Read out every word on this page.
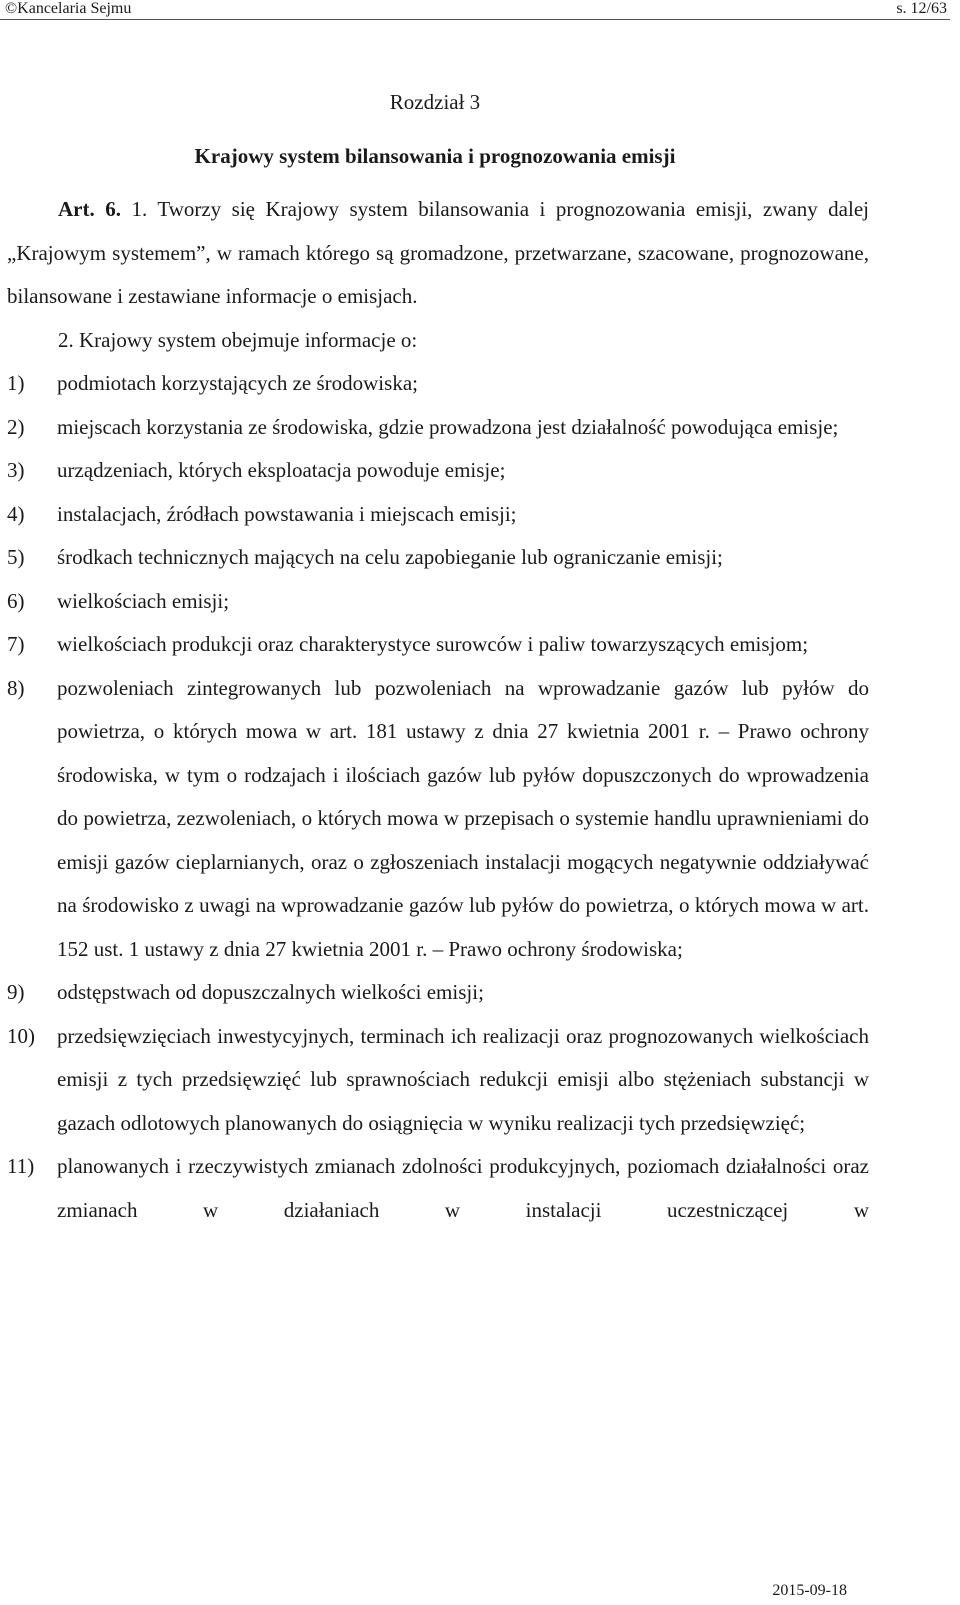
©Kancelaria Sejmu	s. 12/63
Rozdział 3
Krajowy system bilansowania i prognozowania emisji

Art. 6. 1. Tworzy się Krajowy system bilansowania i prognozowania emisji, zwany dalej „Krajowym systemem”, w ramach którego są gromadzone, przetwarzane, szacowane, prognozowane, bilansowane i zestawiane informacje o emisjach.

2. Krajowy system obejmuje informacje o:

1)	podmiotach korzystających ze środowiska;
2)	miejscach korzystania ze środowiska, gdzie prowadzona jest działalność powodująca emisje;
3)	urządzeniach, których eksploatacja powoduje emisje;
4)	instalacjach, źródłach powstawania i miejscach emisji;
5)	środkach technicznych mających na celu zapobieganie lub ograniczanie emisji;
6)	wielkościach emisji;
7)	wielkościach produkcji oraz charakterystyce surowców i paliw towarzyszących emisjom;
8)	pozwoleniach zintegrowanych lub pozwoleniach na wprowadzanie gazów lub pyłów do powietrza, o których mowa w art. 181 ustawy z dnia 27 kwietnia 2001 r. – Prawo ochrony środowiska, w tym o rodzajach i ilościach gazów lub pyłów dopuszczonych do wprowadzenia do powietrza, zezwoleniach, o których mowa w przepisach o systemie handlu uprawnieniami do emisji gazów cieplarnianych, oraz o zgłoszeniach instalacji mogących negatywnie oddziaływać na środowisko z uwagi na wprowadzanie gazów lub pyłów do powietrza, o których mowa w art. 152 ust. 1 ustawy z dnia 27 kwietnia 2001 r. – Prawo ochrony środowiska;
9)	odstępstwach od dopuszczalnych wielkości emisji;
10)	przedsięwzięciach inwestycyjnych, terminach ich realizacji oraz prognozowanych wielkościach emisji z tych przedsięwzięć lub sprawnościach redukcji emisji albo stężeniach substancji w gazach odlotowych planowanych do osiągnięcia w wyniku realizacji tych przedsięwzięć;
11)	planowanych i rzeczywistych zmianach zdolności produkcyjnych, poziomach działalności oraz zmianach w działaniach w instalacji uczestniczącej w
2015-09-18
